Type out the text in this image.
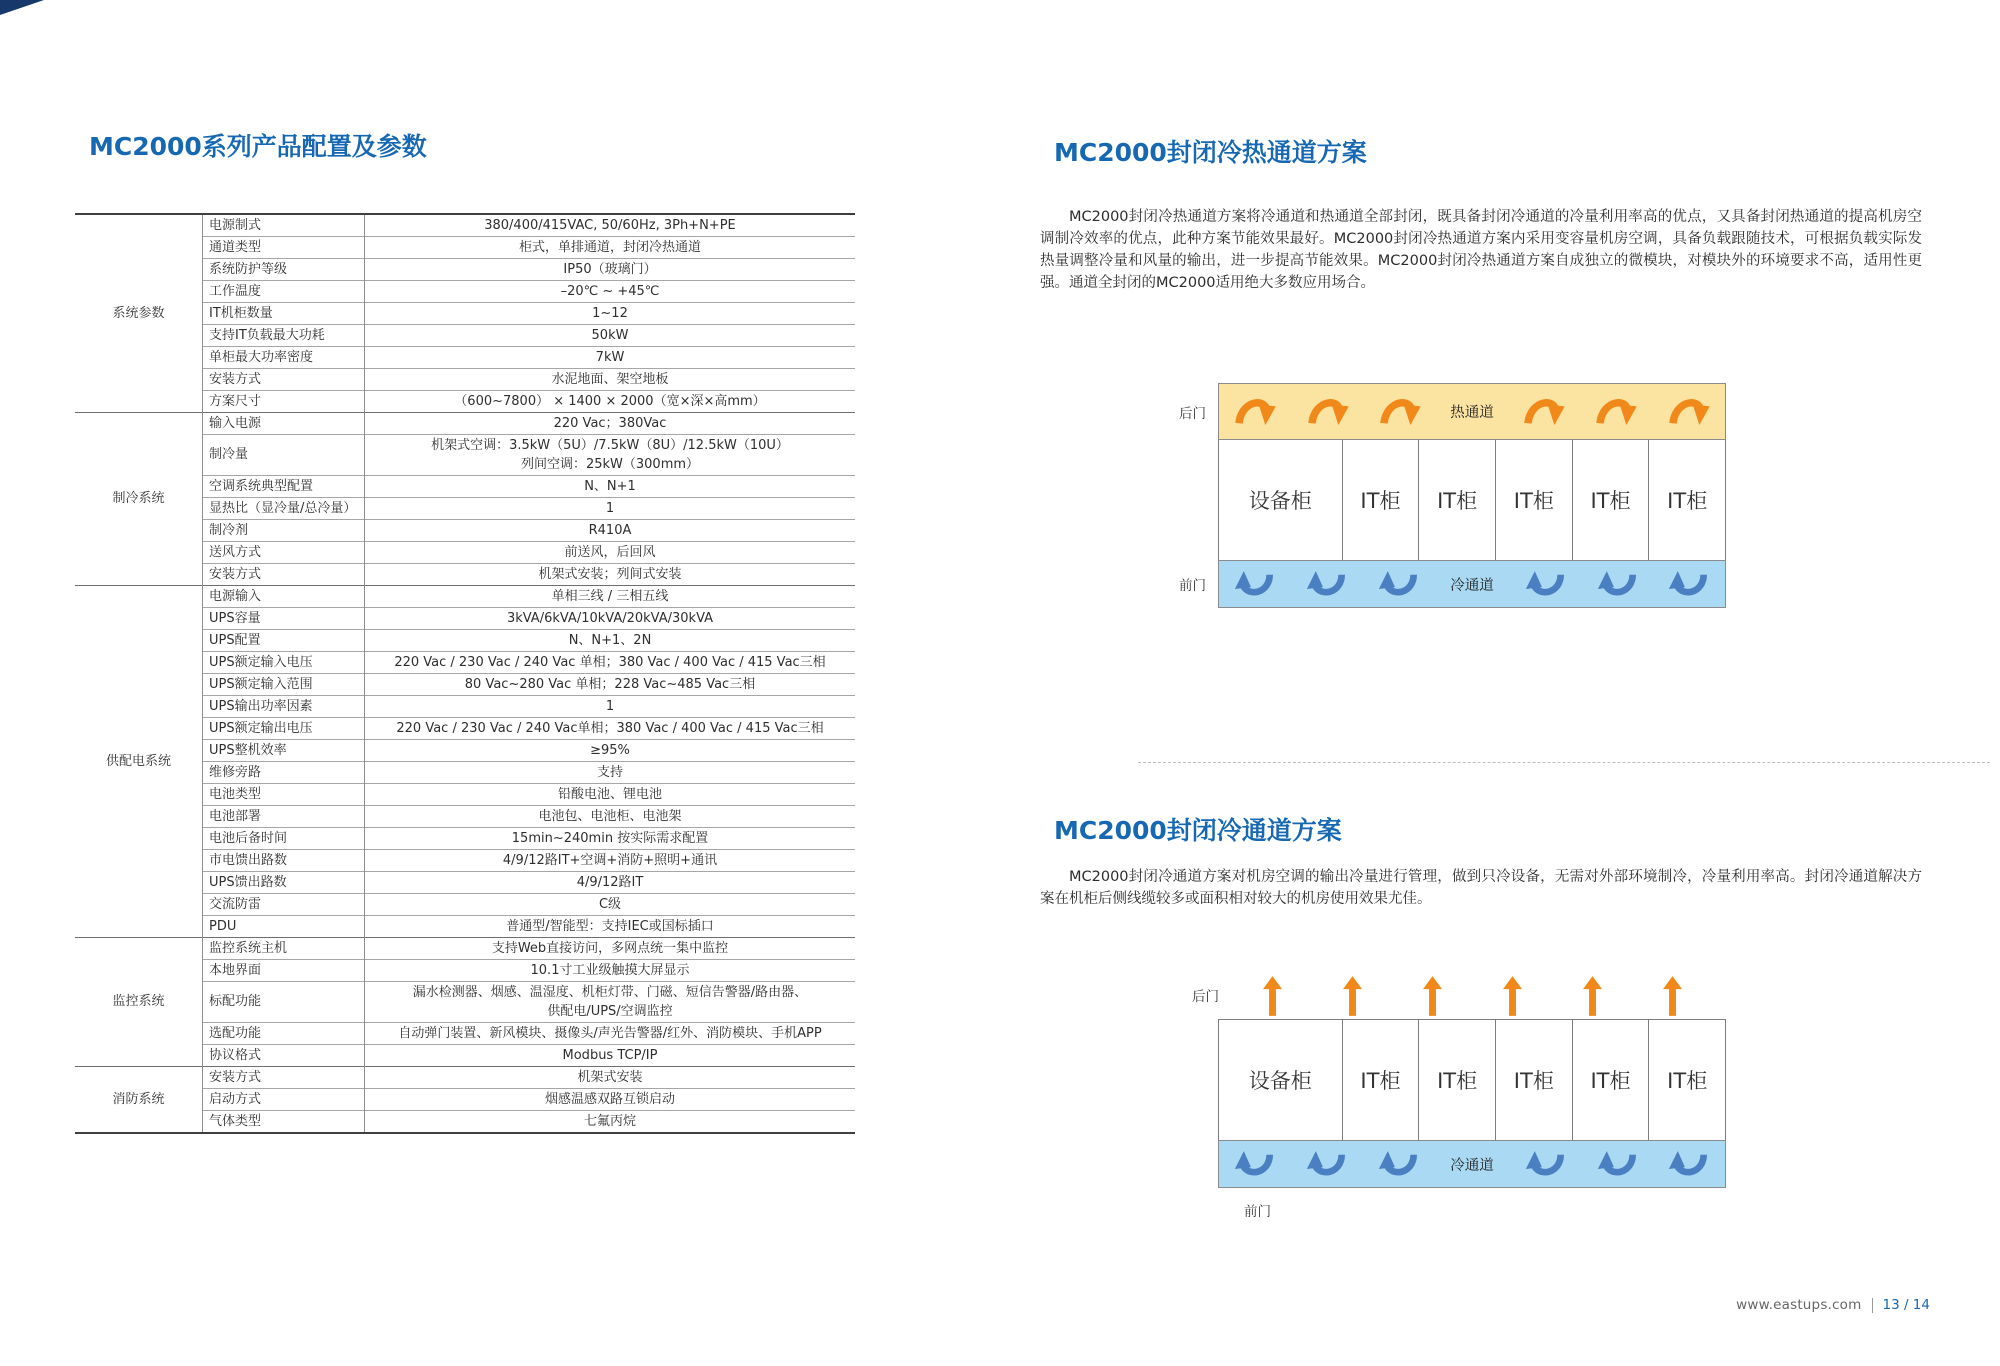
MC2000系列产品配置及参数
系统参数	电源制式	380/400/415VAC, 50/60Hz, 3Ph+N+PE

	通道类型	柜式，单排通道，封闭冷热通道

	系统防护等级	IP50（玻璃门）

	工作温度	–20℃ ~ +45℃

	IT机柜数量	1~12

	支持IT负载最大功耗	50kW

	单柜最大功率密度	7kW

	安装方式	水泥地面、架空地板

	方案尺寸	（600~7800） × 1400 × 2000（宽×深×高mm）

制冷系统	输入电源	220 Vac；380Vac

	制冷量	机架式空调：3.5kW（5U）/7.5kW（8U）/12.5kW（10U）
列间空调：25kW（300mm）

	空调系统典型配置	N、N+1

	显热比（显冷量/总冷量）	1

	制冷剂	R410A

	送风方式	前送风，后回风

	安装方式	机架式安装；列间式安装

供配电系统	电源输入	单相三线 / 三相五线

	UPS容量	3kVA/6kVA/10kVA/20kVA/30kVA

	UPS配置	N、N+1、2N

	UPS额定输入电压	220 Vac / 230 Vac / 240 Vac 单相；380 Vac / 400 Vac / 415 Vac三相

	UPS额定输入范围	80 Vac~280 Vac 单相；228 Vac~485 Vac三相

	UPS输出功率因素	1

	UPS额定输出电压	220 Vac / 230 Vac / 240 Vac单相；380 Vac / 400 Vac / 415 Vac三相

	UPS整机效率	≥95%

	维修旁路	支持

	电池类型	铅酸电池、锂电池

	电池部署	电池包、电池柜、电池架

	电池后备时间	15min~240min 按实际需求配置

	市电馈出路数	4/9/12路IT+空调+消防+照明+通讯

	UPS馈出路数	4/9/12路IT

	交流防雷	C级

	PDU	普通型/智能型：支持IEC或国标插口

监控系统	监控系统主机	支持Web直接访问，多网点统一集中监控

	本地界面	10.1寸工业级触摸大屏显示

	标配功能	漏水检测器、烟感、温湿度、机柜灯带、门磁、短信告警器/路由器、
供配电/UPS/空调监控

	选配功能	自动弹门装置、新风模块、摄像头/声光告警器/红外、消防模块、手机APP

	协议格式	Modbus TCP/IP

消防系统	安装方式	机架式安装

	启动方式	烟感温感双路互锁启动

	气体类型	七氟丙烷
MC2000封闭冷热通道方案

MC2000封闭冷热通道方案将冷通道和热通道全部封闭，既具备封闭冷通道的冷量利用率高的优点，又具备封闭热通道的提高机房空调制冷效率的优点，此种方案节能效果最好。MC2000封闭冷热通道方案内采用变容量机房空调，具备负载跟随技术，可根据负载实际发热量调整冷量和风量的输出，进一步提高节能效果。MC2000封闭冷热通道方案自成独立的微模块，对模块外的环境要求不高，适用性更强。通道全封闭的MC2000适用绝大多数应用场合。

后门	热通道
设备柜	IT柜	IT柜	IT柜	IT柜	IT柜
前门	冷通道
MC2000封闭冷通道方案

MC2000封闭冷通道方案对机房空调的输出冷量进行管理，做到只冷设备，无需对外部环境制冷，冷量利用率高。封闭冷通道解决方案在机柜后侧线缆较多或面积相对较大的机房使用效果尤佳。

后门
设备柜	IT柜	IT柜	IT柜	IT柜	IT柜
冷通道
前门
www.eastups.com 13 / 14
